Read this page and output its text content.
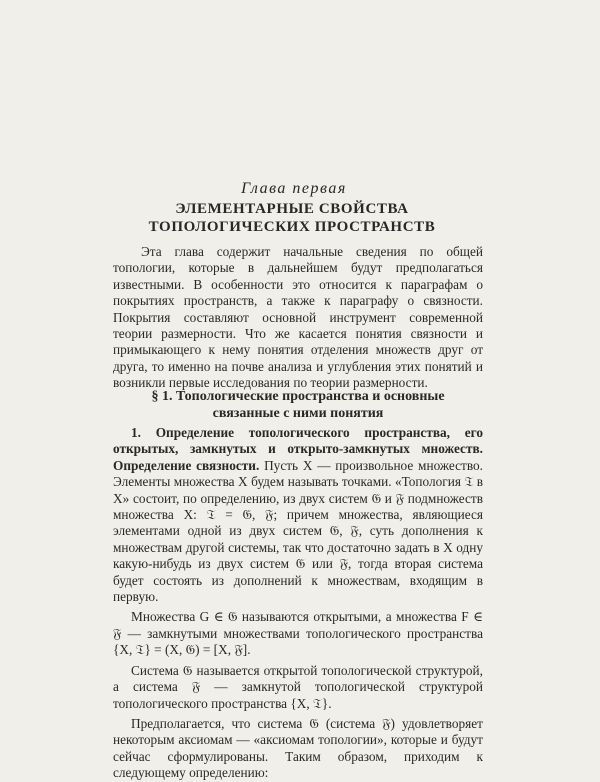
Глава первая
ЭЛЕМЕНТАРНЫЕ СВОЙСТВА
ТОПОЛОГИЧЕСКИХ ПРОСТРАНСТВ

Эта глава содержит начальные сведения по общей топологии, которые в дальнейшем будут предполагаться известными. В особенности это относится к параграфам о покрытиях пространств, а также к параграфу о связности. Покрытия составляют основной инструмент современной теории размерности. Что же касается понятия связности и примыкающего к нему понятия отделения множеств друг от друга, то именно на почве анализа и углубления этих понятий и возникли первые исследования по теории размерности.

§ 1. Топологические пространства и основные
связанные с ними понятия

1. Определение топологического пространства, его открытых, замкнутых и открыто-замкнутых множеств. Определение связности. Пусть X — произвольное множество. Элементы множества X будем называть точками. «Топология 𝔗 в X» состоит, по определению, из двух систем 𝔊 и 𝔉 подмножеств множества X: 𝔗 = 𝔊, 𝔉; причем множества, являющиеся элементами одной из двух систем 𝔊, 𝔉, суть дополнения к множествам другой системы, так что достаточно задать в X одну какую-нибудь из двух систем 𝔊 или 𝔉, тогда вторая система будет состоять из дополнений к множествам, входящим в первую.

Множества G ∈ 𝔊 называются открытыми, а множества F ∈ 𝔉 — замкнутыми множествами топологического пространства {X, 𝔗} = (X, 𝔊) = [X, 𝔉].

Система 𝔊 называется открытой топологической структурой, а система 𝔉 — замкнутой топологической структурой топологического пространства {X, 𝔗}.

Предполагается, что система 𝔊 (система 𝔉) удовлетворяет некоторым аксиомам — «аксиомам топологии», которые и будут сейчас сформулированы. Таким образом, приходим к следующему определению:
